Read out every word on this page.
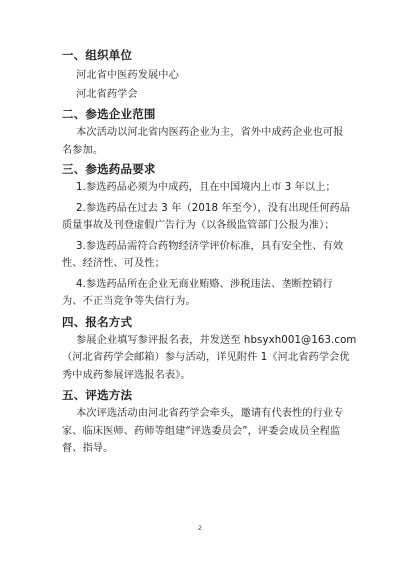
一、组织单位

河北省中医药发展中心

河北省药学会

二、参选企业范围

本次活动以河北省内医药企业为主，省外中成药企业也可报

名参加。

三、参选药品要求

1.参选药品必须为中成药，且在中国境内上市 3 年以上；

2.参选药品在过去 3 年（2018 年至今），没有出现任何药品

质量事故及刊登虚假广告行为（以各级监管部门公报为准）；

3.参选药品需符合药物经济学评价标准，具有安全性、有效

性、经济性、可及性；

4.参选药品所在企业无商业贿赂、涉税违法、垄断控销行

为、不正当竞争等失信行为。

四、报名方式

参展企业填写参评报名表，并发送至 hbsyxh001@163.com

（河北省药学会邮箱）参与活动，详见附件 1《河北省药学会优

秀中成药参展评选报名表》。

五、评选方法

本次评选活动由河北省药学会牵头，邀请有代表性的行业专

家、临床医师、药师等组建“评选委员会”，评委会成员全程监

督、指导。

2
